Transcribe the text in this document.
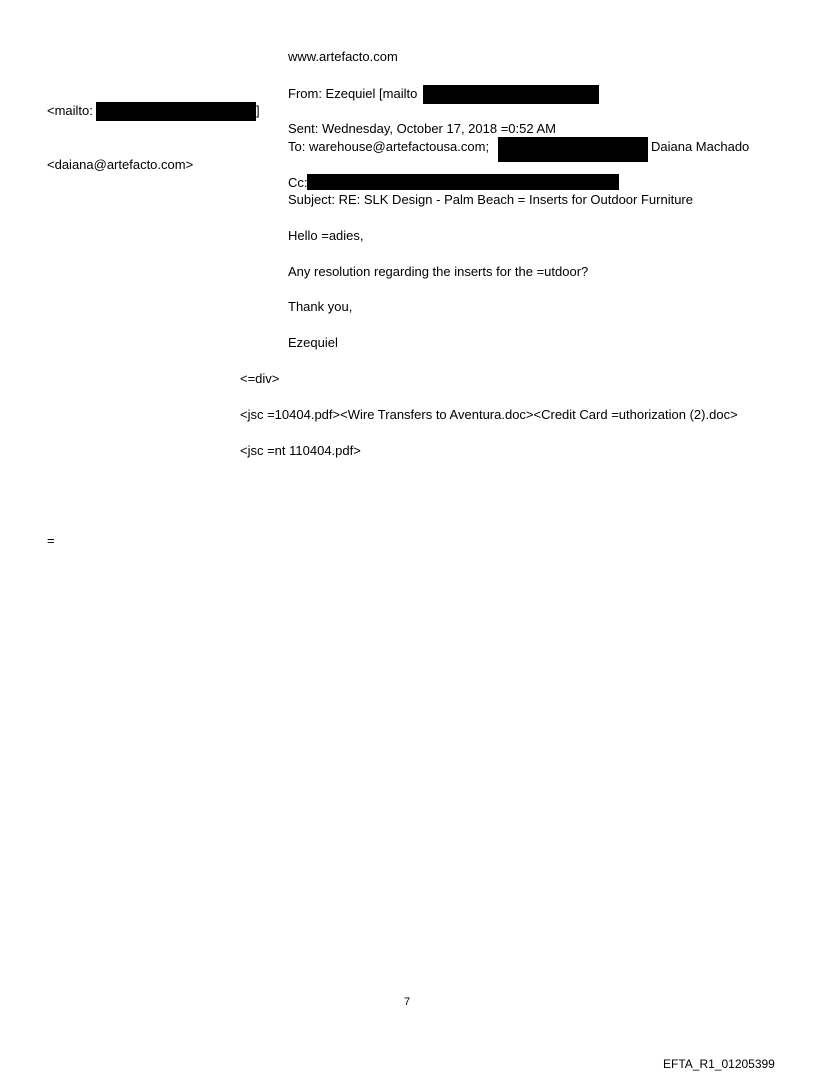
www.artefacto.com
From: Ezequiel [mailto
<mailto:	]
Sent: Wednesday, October 17, 2018 =0:52 AM
To: warehouse@artefactousa.com;	Daiana Machado
<daiana@artefacto.com>
Cc:
Subject: RE: SLK Design - Palm Beach = Inserts for Outdoor Furniture
Hello =adies,
Any resolution regarding the inserts for the =utdoor?
Thank you,
Ezequiel
<=div>
<jsc =10404.pdf><Wire Transfers to Aventura.doc><Credit Card =uthorization (2).doc>
<jsc =nt 110404.pdf>
=
7
EFTA_R1_01205399
